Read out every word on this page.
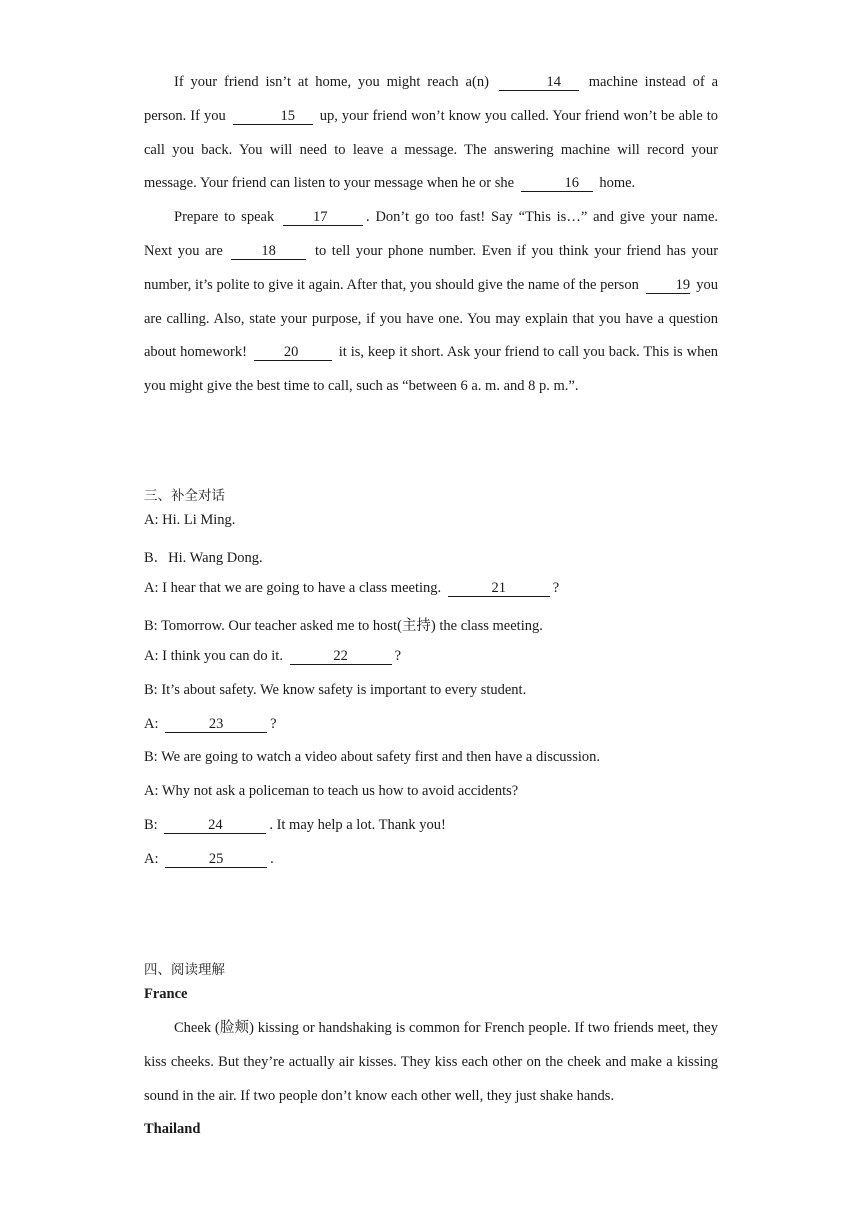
If your friend isn’t at home, you might reach a(n)	14 machine instead of a person. If you	15 up, your friend won’t know you called. Your friend won’t be able to call you back. You will need to leave a message. The answering machine will record your message. Your friend can listen to your message when he or she	16 home.

Prepare to speak	17	. Don’t go too fast! Say “This is…” and give your name. Next you are	18	to tell your phone number. Even if you think your friend has your number, it’s polite to give it again. After that, you should give the name of the person	19 you are calling. Also, state your purpose, if you have one. You may explain that you have a question about homework!	20	it is, keep it short. Ask your friend to call you back. This is when you might give the best time to call, such as “between 6 a. m. and 8 p. m.”.

三、补全对话

A: Hi. Li Ming.

B．Hi. Wang Dong.

A: I hear that we are going to have a class meeting.	21	?

B: Tomorrow. Our teacher asked me to host(主持) the class meeting.

A: I think you can do it.	22	?

B: It’s about safety. We know safety is important to every student.

A:	23	?

B: We are going to watch a video about safety first and then have a discussion.

A: Why not ask a policeman to teach us how to avoid accidents?

B:	24	. It may help a lot. Thank you!

A:	25	.

四、阅读理解

France

Cheek (脸颊) kissing or handshaking is common for French people. If two friends meet, they kiss cheeks. But they’re actually air kisses. They kiss each other on the cheek and make a kissing sound in the air. If two people don’t know each other well, they just shake hands.

Thailand
